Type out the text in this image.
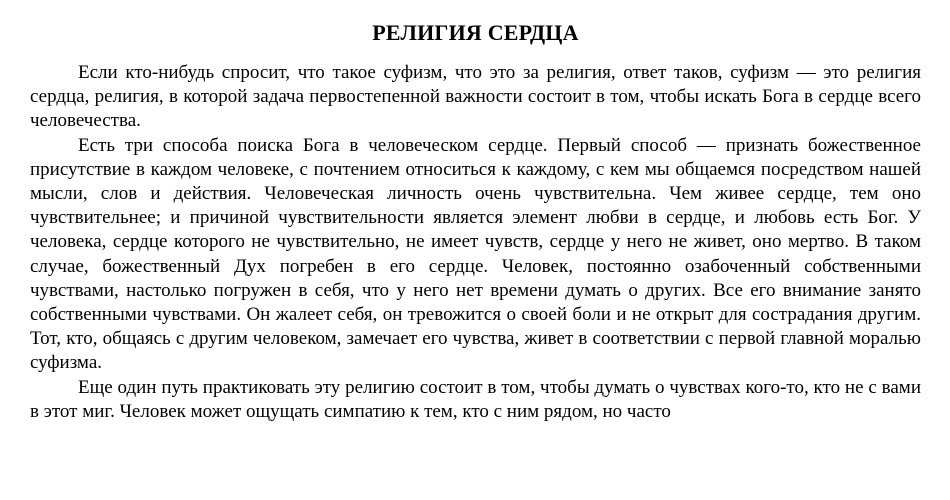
РЕЛИГИЯ СЕРДЦА

Если кто-нибудь спросит, что такое суфизм, что это за религия, ответ таков, суфизм — это религия сердца, религия, в которой задача первостепенной важности состоит в том, чтобы искать Бога в сердце всего человечества.

Есть три способа поиска Бога в человеческом сердце. Первый способ — признать божественное присутствие в каждом человеке, с почтением относиться к каждому, с кем мы общаемся посредством нашей мысли, слов и действия. Человеческая личность очень чувствительна. Чем живее сердце, тем оно чувствительнее; и причиной чувствительности является элемент любви в сердце, и любовь есть Бог. У человека, сердце которого не чувствительно, не имеет чувств, сердце у него не живет, оно мертво. В таком случае, божественный Дух погребен в его сердце. Человек, постоянно озабоченный собственными чувствами, настолько погружен в себя, что у него нет времени думать о других. Все его внимание занято собственными чувствами. Он жалеет себя, он тревожится о своей боли и не открыт для сострадания другим. Тот, кто, общаясь с другим человеком, замечает его чувства, живет в соответствии с первой главной моралью суфизма.

Еще один путь практиковать эту религию состоит в том, чтобы думать о чувствах кого-то, кто не с вами в этот миг. Человек может ощущать симпатию к тем, кто с ним рядом, но часто
